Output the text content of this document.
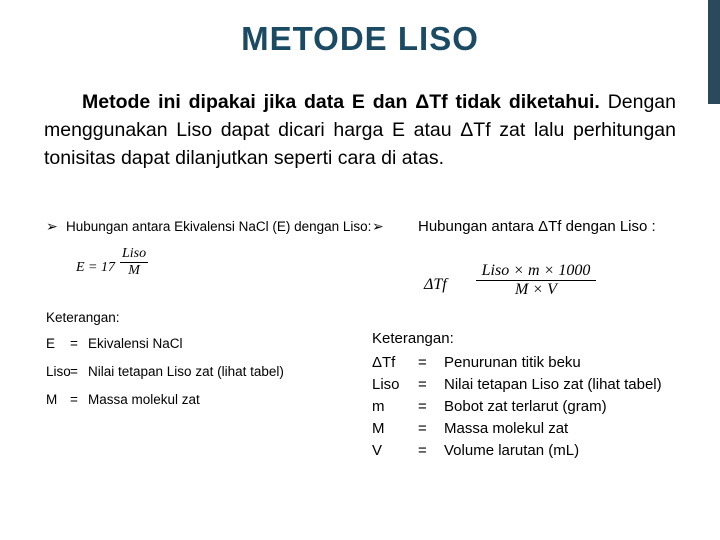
METODE LISO

Metode ini dipakai jika data E dan ΔTf tidak diketahui. Dengan menggunakan Liso dapat dicari harga E atau ΔTf zat lalu perhitungan tonisitas dapat dilanjutkan seperti cara di atas.

➢ Hubungan antara Ekivalensi NaCl (E) dengan Liso:
E = 17
Liso
M
Keterangan:
E = Ekivalensi NaCl
Liso= Nilai tetapan Liso zat (lihat tabel)
M = Massa molekul zat
➢ Hubungan antara ΔTf dengan Liso :
ΔTf
Liso × m × 1000
M × V
Keterangan:
ΔTf = Penurunan titik beku
Liso = Nilai tetapan Liso zat (lihat tabel)
m = Bobot zat terlarut (gram)
M = Massa molekul zat
V = Volume larutan (mL)
